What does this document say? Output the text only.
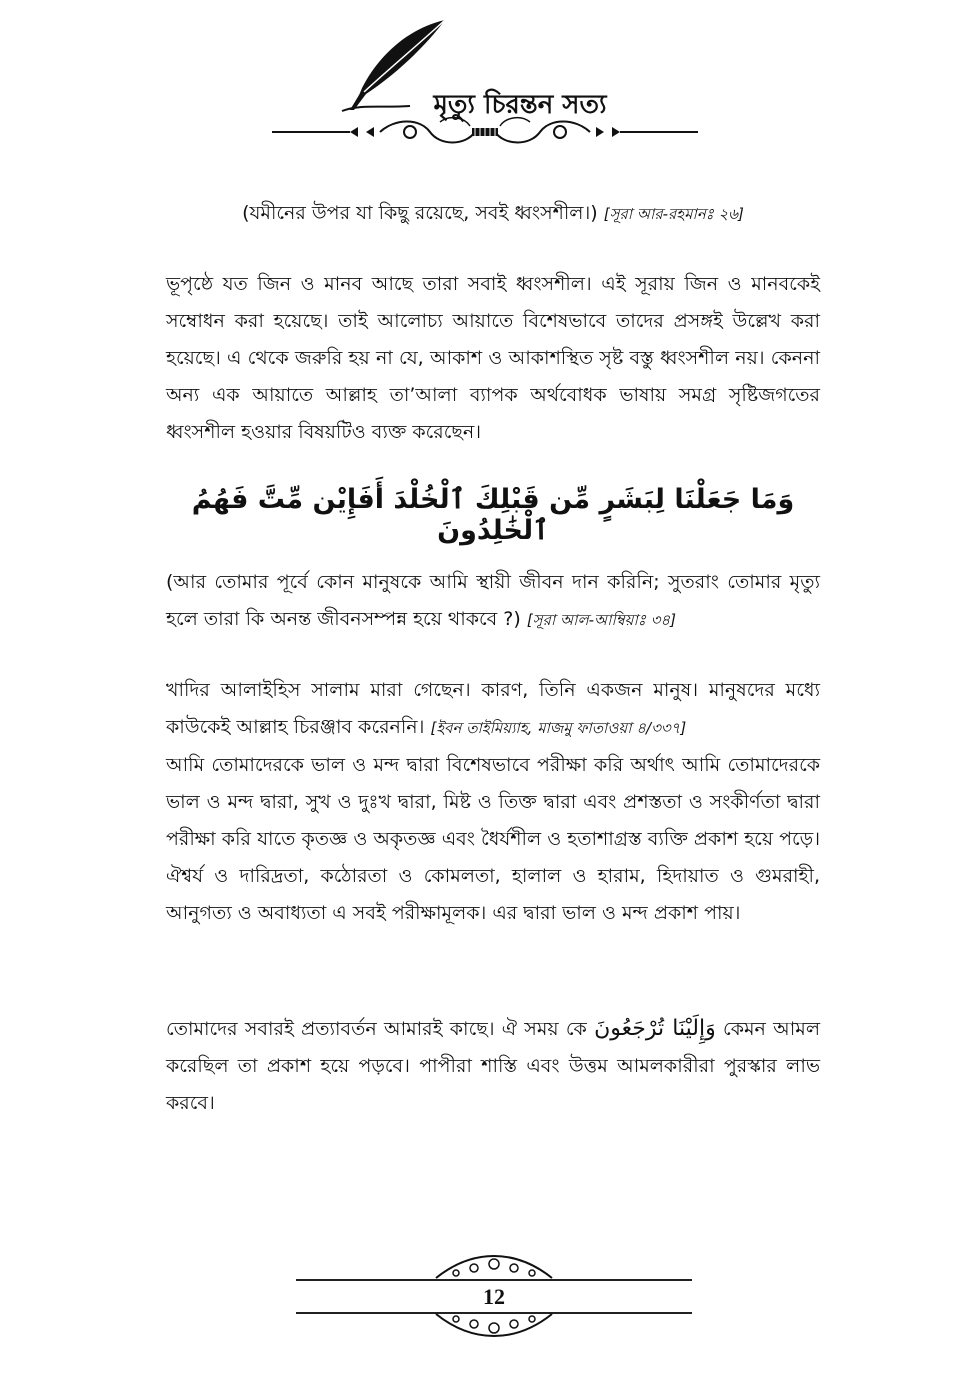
মৃত্যু চিরন্তন সত্য
(যমীনের উপর যা কিছু রয়েছে, সবই ধ্বংসশীল।) [সূরা আর-রহমানঃ ২৬]

ভূপৃষ্ঠে যত জিন ও মানব আছে তারা সবাই ধ্বংসশীল। এই সূরায় জিন ও মানবকেই সম্বোধন করা হয়েছে। তাই আলোচ্য আয়াতে বিশেষভাবে তাদের প্রসঙ্গই উল্লেখ করা হয়েছে। এ থেকে জরুরি হয় না যে, আকাশ ও আকাশস্থিত সৃষ্ট বস্তু ধ্বংসশীল নয়। কেননা অন্য এক আয়াতে আল্লাহ তা’আলা ব্যাপক অর্থবোধক ভাষায় সমগ্র সৃষ্টিজগতের ধ্বংসশীল হওয়ার বিষয়টিও ব্যক্ত করেছেন।

وَمَا جَعَلْنَا لِبَشَرٍ مِّن قَبْلِكَ ٱلْخُلْدَ أَفَإِيْن مِّتَّ فَهُمُ ٱلْخَٰلِدُونَ

(আর তোমার পূর্বে কোন মানুষকে আমি স্থায়ী জীবন দান করিনি; সুতরাং তোমার মৃত্যু হলে তারা কি অনন্ত জীবনসম্পন্ন হয়ে থাকবে ?) [সূরা আল-আম্বিয়াঃ ৩৪]

খাদির আলাইহিস সালাম মারা গেছেন। কারণ, তিনি একজন মানুষ। মানুষদের মধ্যে কাউকেই আল্লাহ চিরঞ্জাব করেননি। [ইবন তাইমিয়্যাহ, মাজমু ফাতাওয়া ৪/৩৩৭]

আমি তোমাদেরকে ভাল ও মন্দ দ্বারা বিশেষভাবে পরীক্ষা করি অর্থাৎ আমি তোমাদেরকে ভাল ও মন্দ দ্বারা, সুখ ও দুঃখ দ্বারা, মিষ্ট ও তিক্ত দ্বারা এবং প্রশস্ততা ও সংকীর্ণতা দ্বারা পরীক্ষা করি যাতে কৃতজ্ঞ ও অকৃতজ্ঞ এবং ধৈর্যশীল ও হতাশাগ্রস্ত ব্যক্তি প্রকাশ হয়ে পড়ে। ঐশ্বর্য ও দারিদ্রতা, কঠোরতা ও কোমলতা, হালাল ও হারাম, হিদায়াত ও গুমরাহী, আনুগত্য ও অবাধ্যতা এ সবই পরীক্ষামূলক। এর দ্বারা ভাল ও মন্দ প্রকাশ পায়।

তোমাদের সবারই প্রত্যাবর্তন আমারই কাছে। ঐ সময় কে وَإِلَيْنَا تُرْجَعُونَ কেমন আমল করেছিল তা প্রকাশ হয়ে পড়বে। পাপীরা শাস্তি এবং উত্তম আমলকারীরা পুরস্কার লাভ করবে।

12
